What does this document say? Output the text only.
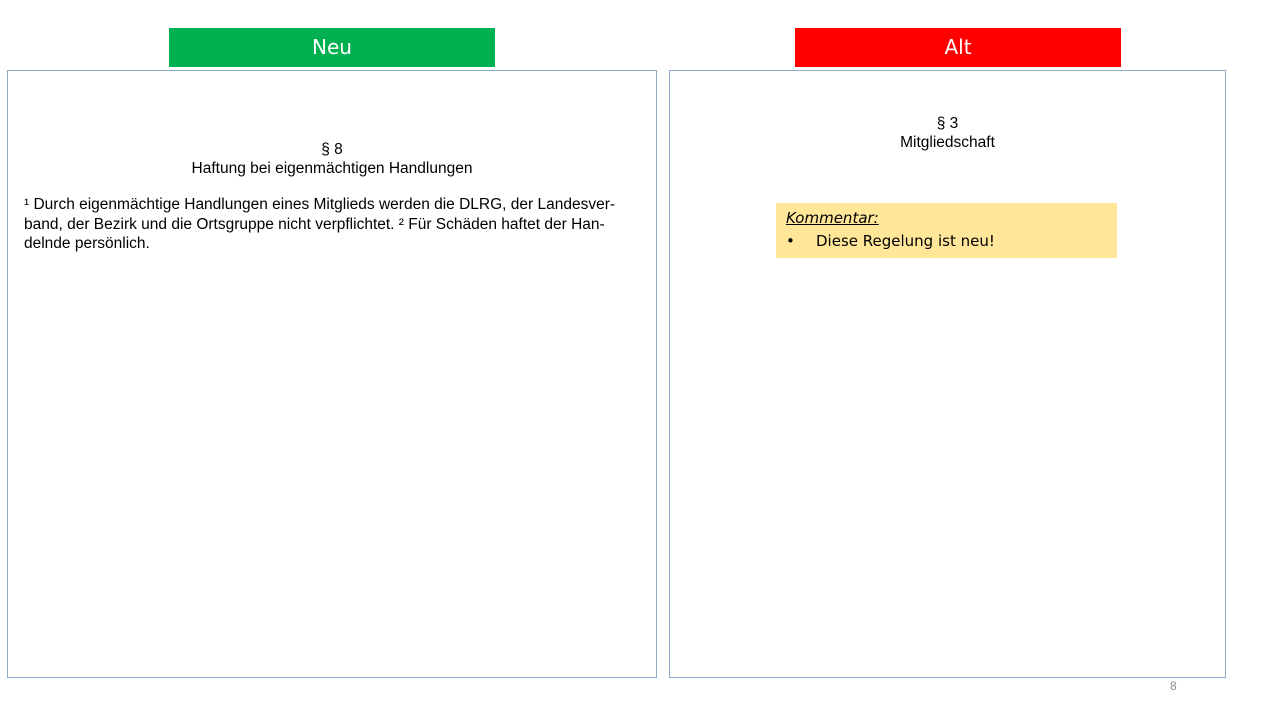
Neu	Alt
§ 8
Haftung bei eigenmächtigen Handlungen
¹ Durch eigenmächtige Handlungen eines Mitglieds werden die DLRG, der Landesver-
band, der Bezirk und die Ortsgruppe nicht verpflichtet. ² Für Schäden haftet der Han-
delnde persönlich.
§ 3
Mitgliedschaft
Kommentar:
• Diese Regelung ist neu!
8
